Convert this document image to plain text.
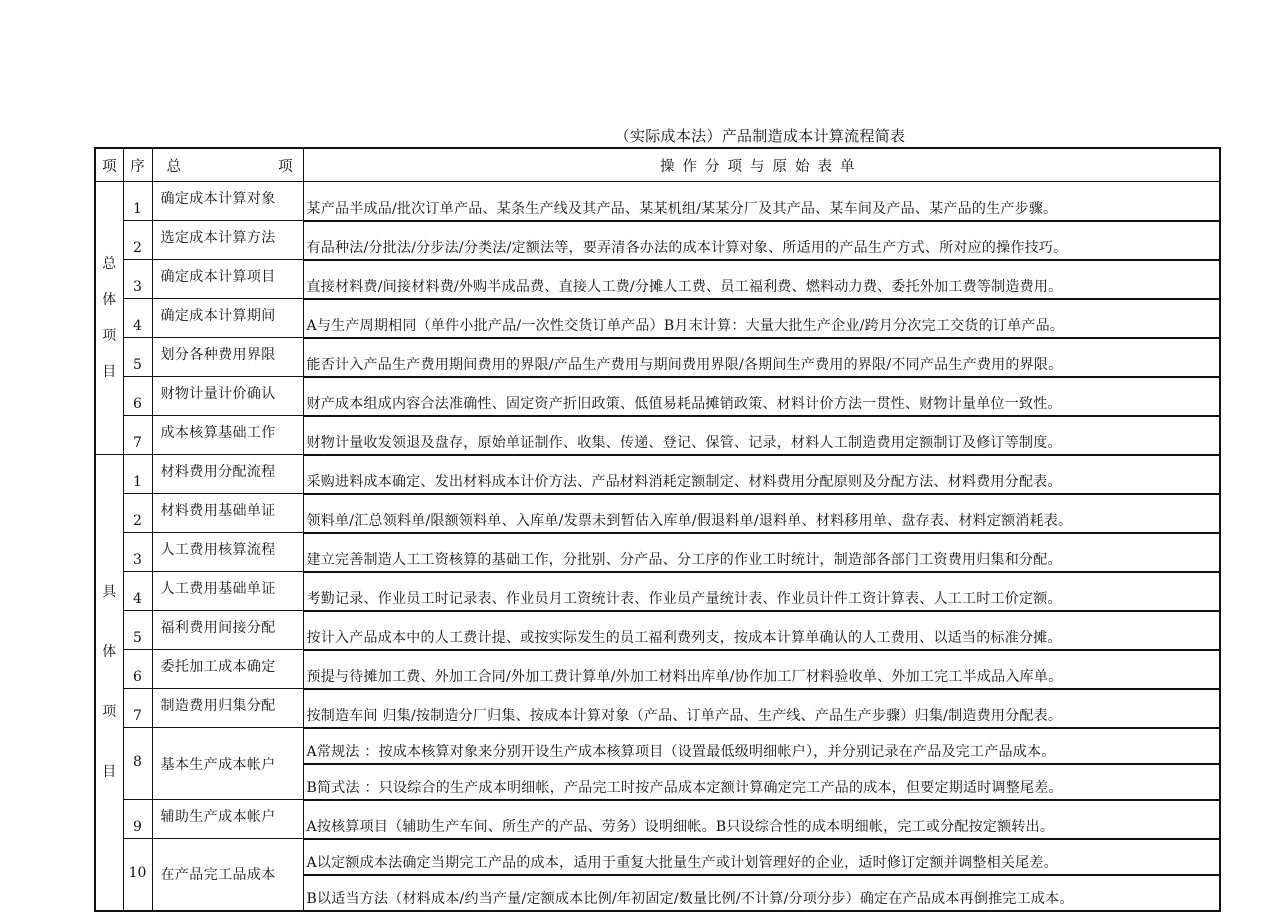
（实际成本法）产品制造成本计算流程简表
项	序	总 项	操作分项与原始表单

总
体
项
目	1	确定成本计算对象	某产品半成品/批次订单产品、某条生产线及其产品、某某机组/某某分厂及其产品、某车间及产品、某产品的生产步骤。
	2	选定成本计算方法	有品种法/分批法/分步法/分类法/定额法等，要弄清各办法的成本计算对象、所适用的产品生产方式、所对应的操作技巧。
	3	确定成本计算项目	直接材料费/间接材料费/外购半成品费、直接人工费/分摊人工费、员工福利费、燃料动力费、委托外加工费等制造费用。
	4	确定成本计算期间	A与生产周期相同（单件小批产品/一次性交货订单产品）B月末计算：大量大批生产企业/跨月分次完工交货的订单产品。
	5	划分各种费用界限	能否计入产品生产费用期间费用的界限/产品生产费用与期间费用界限/各期间生产费用的界限/不同产品生产费用的界限。
	6	财物计量计价确认	财产成本组成内容合法准确性、固定资产折旧政策、低值易耗品摊销政策、材料计价方法一贯性、财物计量单位一致性。
	7	成本核算基础工作	财物计量收发领退及盘存，原始单证制作、收集、传递、登记、保管、记录，材料人工制造费用定额制订及修订等制度。

具
体
项
目	1	材料费用分配流程	采购进料成本确定、发出材料成本计价方法、产品材料消耗定额制定、材料费用分配原则及分配方法、材料费用分配表。
	2	材料费用基础单证	领料单/汇总领料单/限额领料单、入库单/发票未到暂估入库单/假退料单/退料单、材料移用单、盘存表、材料定额消耗表。
	3	人工费用核算流程	建立完善制造人工工资核算的基础工作，分批别、分产品、分工序的作业工时统计，制造部各部门工资费用归集和分配。
	4	人工费用基础单证	考勤记录、作业员工时记录表、作业员月工资统计表、作业员产量统计表、作业员计件工资计算表、人工工时工价定额。
	5	福利费用间接分配	按计入产品成本中的人工费计提、或按实际发生的员工福利费列支，按成本计算单确认的人工费用、以适当的标准分摊。
	6	委托加工成本确定	预提与待摊加工费、外加工合同/外加工费计算单/外加工材料出库单/协作加工厂材料验收单、外加工完工半成品入库单。
	7	制造费用归集分配	按制造车间 归集/按制造分厂归集、按成本计算对象（产品、订单产品、生产线、产品生产步骤）归集/制造费用分配表。
	8	基本生产成本帐户	A常规法 ：按成本核算对象来分别开设生产成本核算项目（设置最低级明细帐户），并分别记录在产品及完工产品成本。
			B简式法 ：只设综合的生产成本明细帐，产品完工时按产品成本定额计算确定完工产品的成本，但要定期适时调整尾差。
	9	辅助生产成本帐户	A按核算项目（辅助生产车间、所生产的产品、劳务）设明细帐。B只设综合性的成本明细帐，完工或分配按定额转出。
	10	在产品完工品成本	A以定额成本法确定当期完工产品的成本，适用于重复大批量生产或计划管理好的企业，适时修订定额并调整相关尾差。
			B以适当方法（材料成本/约当产量/定额成本比例/年初固定/数量比例/不计算/分项分步）确定在产品成本再倒推完工成本。
